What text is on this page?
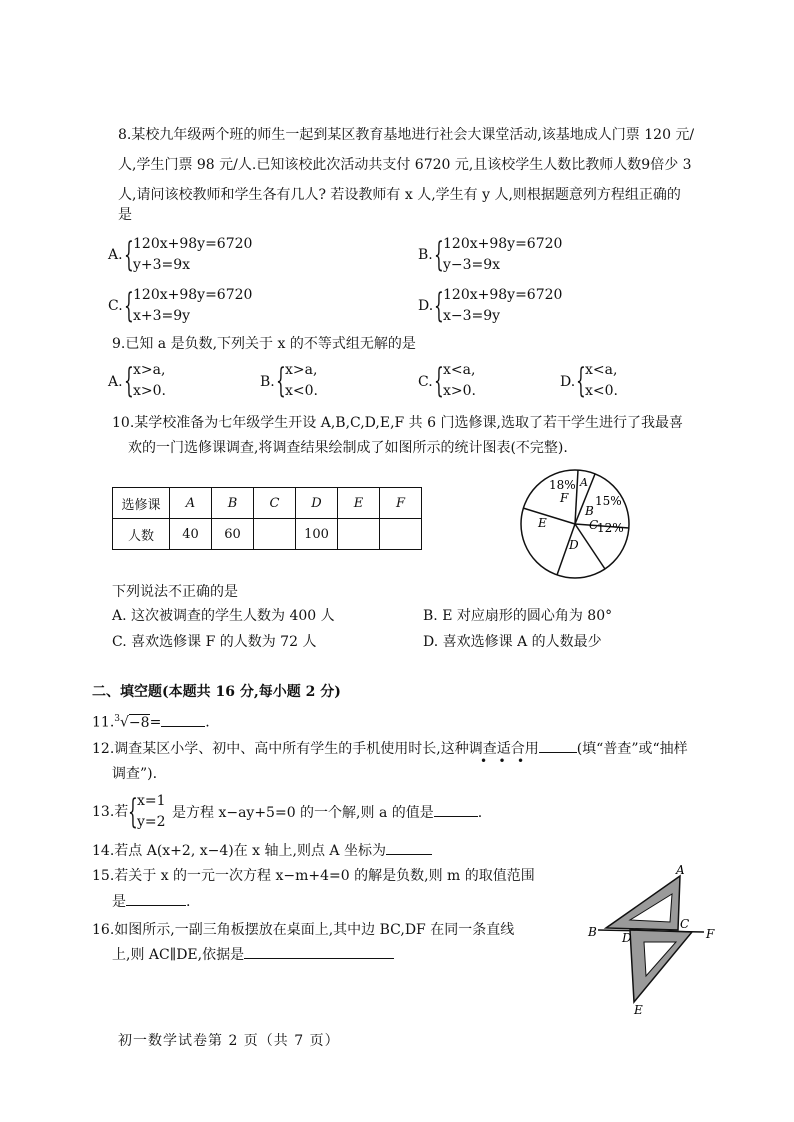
8.某校九年级两个班的师生一起到某区教育基地进行社会大课堂活动,该基地成人门票 120 元/
人,学生门票 98 元/人.已知该校此次活动共支付 6720 元,且该校学生人数比教师人数9倍少 3
人,请问该校教师和学生各有几人? 若设教师有 x 人,学生有 y 人,则根据题意列方程组正确的
是
A. { 120x+98y=6720
y+3=9x
B. { 120x+98y=6720
y−3=9x
C. { 120x+98y=6720
x+3=9y
D. { 120x+98y=6720
x−3=9y
9.已知 a 是负数,下列关于 x 的不等式组无解的是
A. { x>a,
x>0.
B. { x>a,
x<0.
C. { x<a,
x>0.
D. { x<a,
x<0.
10.某学校准备为七年级学生开设 A,B,C,D,E,F 共 6 门选修课,选取了若干学生进行了我最喜
欢的一门选修课调查,将调查结果绘制成了如图所示的统计图表(不完整).
选修课	A	B	C	D	E	F
人数	40	60		100		
18%
F
A
15%
B
C
12%
D
E
下列说法不正确的是
A. 这次被调查的学生人数为 400 人	B. E 对应扇形的圆心角为 80°
C. 喜欢选修课 F 的人数为 72 人	D. 喜欢选修课 A 的人数最少
二、填空题(本题共 16 分,每小题 2 分)
11.$^3$√−8=	.
12.调查某区小学、初中、高中所有学生的手机使用时长,这种调查适合用	(填“普查”或“抽样
•   •   •
调查”).
13.若 { x=1
y=2
是方程 x−ay+5=0 的一个解,则 a 的值是	.
14.若点 A(x+2, x−4)在 x 轴上,则点 A 坐标为
15.若关于 x 的一元一次方程 x−m+4=0 的解是负数,则 m 的取值范围
是	.
16.如图所示,一副三角板摆放在桌面上,其中边 BC,DF 在同一条直线
上,则 AC∥DE,依据是
A
B
C
D	F
E
初一数学试卷第 2 页（共 7 页）
